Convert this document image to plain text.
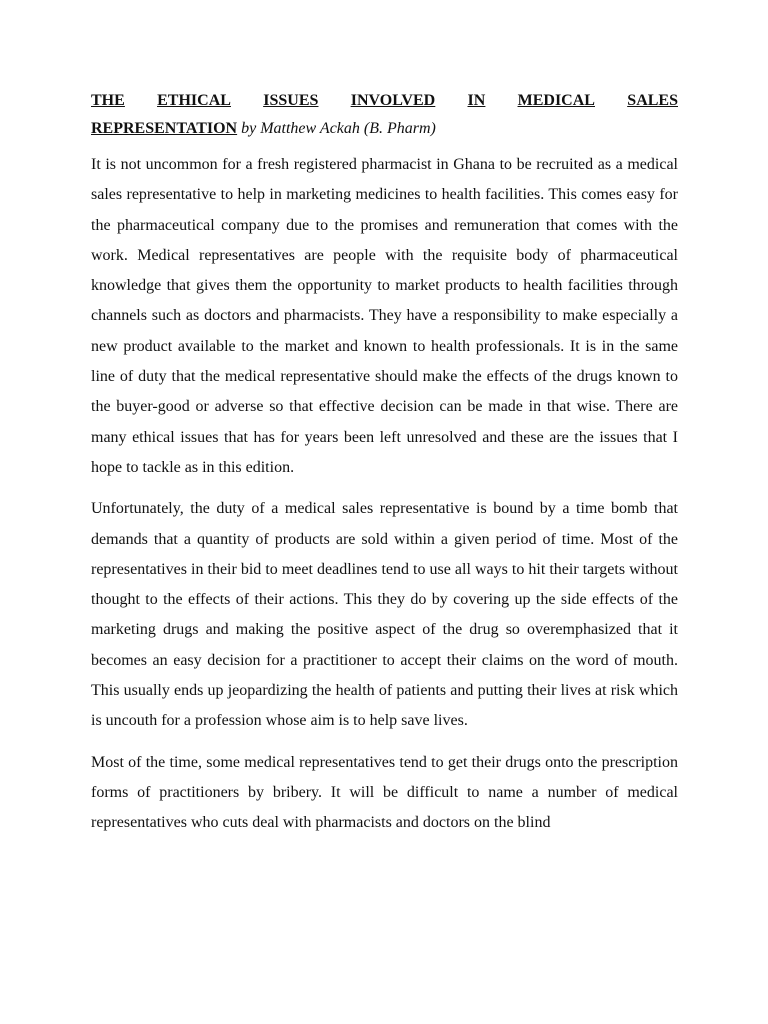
THE ETHICAL ISSUES INVOLVED IN MEDICAL SALES
REPRESENTATION by Matthew Ackah (B. Pharm)

It is not uncommon for a fresh registered pharmacist in Ghana to be recruited as a medical sales representative to help in marketing medicines to health facilities. This comes easy for the pharmaceutical company due to the promises and remuneration that comes with the work. Medical representatives are people with the requisite body of pharmaceutical knowledge that gives them the opportunity to market products to health facilities through channels such as doctors and pharmacists. They have a responsibility to make especially a new product available to the market and known to health professionals. It is in the same line of duty that the medical representative should make the effects of the drugs known to the buyer-good or adverse so that effective decision can be made in that wise. There are many ethical issues that has for years been left unresolved and these are the issues that I hope to tackle as in this edition.

Unfortunately, the duty of a medical sales representative is bound by a time bomb that demands that a quantity of products are sold within a given period of time. Most of the representatives in their bid to meet deadlines tend to use all ways to hit their targets without thought to the effects of their actions. This they do by covering up the side effects of the marketing drugs and making the positive aspect of the drug so overemphasized that it becomes an easy decision for a practitioner to accept their claims on the word of mouth. This usually ends up jeopardizing the health of patients and putting their lives at risk which is uncouth for a profession whose aim is to help save lives.

Most of the time, some medical representatives tend to get their drugs onto the prescription forms of practitioners by bribery. It will be difficult to name a number of medical representatives who cuts deal with pharmacists and doctors on the blind
